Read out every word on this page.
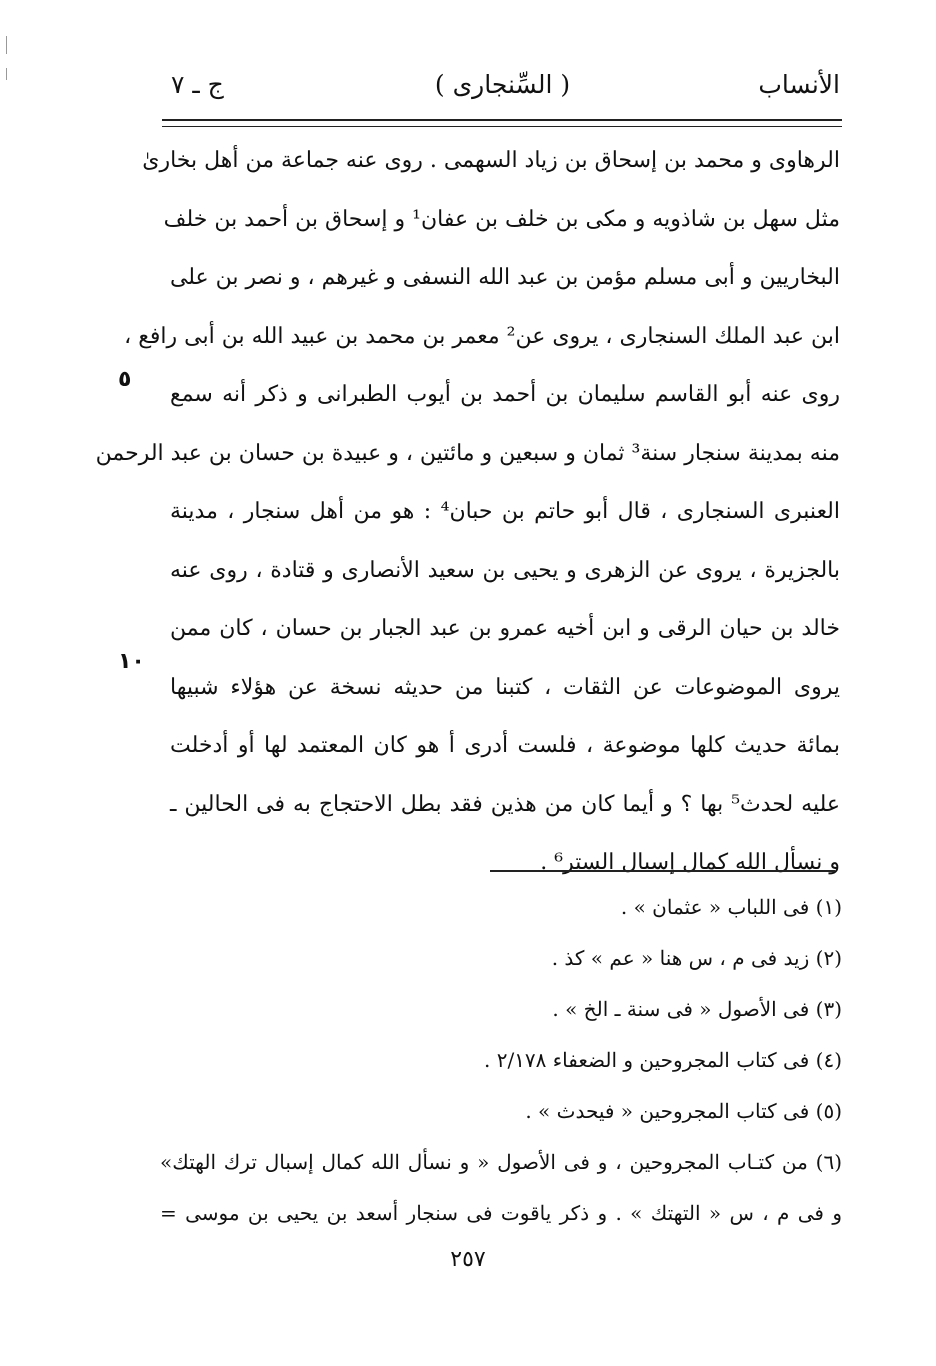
الأنساب
( السِّنجارى )
ج ـ ٧
الرهاوى و محمد بن إسحاق بن زياد السهمى . روى عنه جماعة من أهل بخارىٰ
مثل سهل بن شاذويه و مكى بن خلف بن عفان¹ و إسحاق بن أحمد بن خلف
البخاريين و أبى مسلم مؤمن بن عبد الله النسفى و غيرهم ، و نصر بن على
ابن عبد الملك السنجارى ، يروى عن² معمر بن محمد بن عبيد الله بن أبى رافع ،
روى عنه أبو القاسم سليمان بن أحمد بن أيوب الطبرانى و ذكر أنه سمع
منه بمدينة سنجار سنة³ ثمان و سبعين و مائتين ، و عبيدة بن حسان بن عبد الرحمن
العنبرى السنجارى ، قال أبو حاتم بن حبان⁴ : هو من أهل سنجار ، مدينة
بالجزيرة ، يروى عن الزهرى و يحيى بن سعيد الأنصارى و قتادة ، روى عنه
خالد بن حيان الرقى و ابن أخيه عمرو بن عبد الجبار بن حسان ، كان ممن
يروى الموضوعات عن الثقات ، كتبنا من حديثه نسخة عن هؤلاء شبيها
بمائة حديث كلها موضوعة ، فلست أدرى أ هو كان المعتمد لها أو أدخلت
عليه لحدث⁵ بها ؟ و أيما كان من هذين فقد بطل الاحتجاج به فى الحالين ـ
و نسأل الله كمال إسبال الستر⁶ .
٥
١٠
(١) فى اللباب « عثمان » .
(٢) زيد فى م ، س هنا « عم » كذ .
(٣) فى الأصول « فى سنة ـ الخ » .
(٤) فى كتاب المجروحين و الضعفاء ٢/١٧٨ .
(٥) فى كتاب المجروحين « فيحدث » .
(٦) من كتـاب المجروحين ، و فى الأصول « و نسأل الله كمال إسبال ترك الهتك»
و فى م ، س « التهتك » . و ذكر ياقوت فى سنجار أسعد بن يحيى بن موسى =
٢٥٧
